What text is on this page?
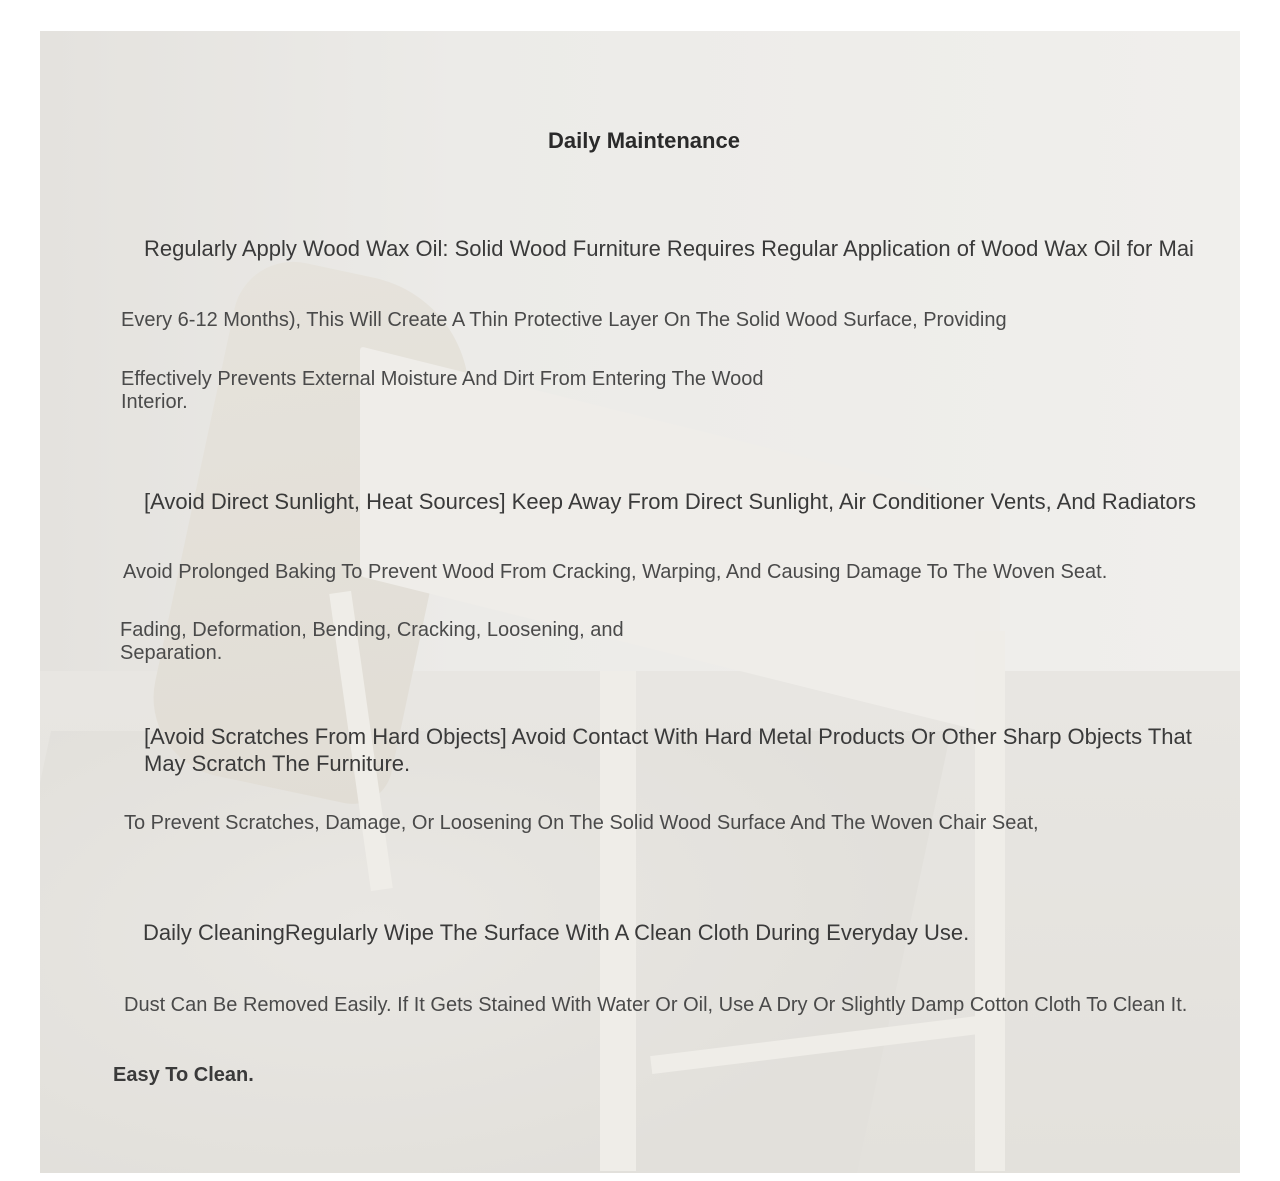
Daily Maintenance
Regularly Apply Wood Wax Oil: Solid Wood Furniture Requires Regular Application of Wood Wax Oil for Mai
Every 6-12 Months), This Will Create A Thin Protective Layer On The Solid Wood Surface, Providing
Effectively Prevents External Moisture And Dirt From Entering The Wood Interior.
[Avoid Direct Sunlight, Heat Sources] Keep Away From Direct Sunlight, Air Conditioner Vents, And Radiators
Avoid Prolonged Baking To Prevent Wood From Cracking, Warping, And Causing Damage To The Woven Seat.
Fading, Deformation, Bending, Cracking, Loosening, and Separation.
[Avoid Scratches From Hard Objects] Avoid Contact With Hard Metal Products Or Other Sharp Objects That
May Scratch The Furniture.
To Prevent Scratches, Damage, Or Loosening On The Solid Wood Surface And The Woven Chair Seat,
Daily CleaningRegularly Wipe The Surface With A Clean Cloth During Everyday Use.
Dust Can Be Removed Easily. If It Gets Stained With Water Or Oil, Use A Dry Or Slightly Damp Cotton Cloth To Clean It.
Easy To Clean.
